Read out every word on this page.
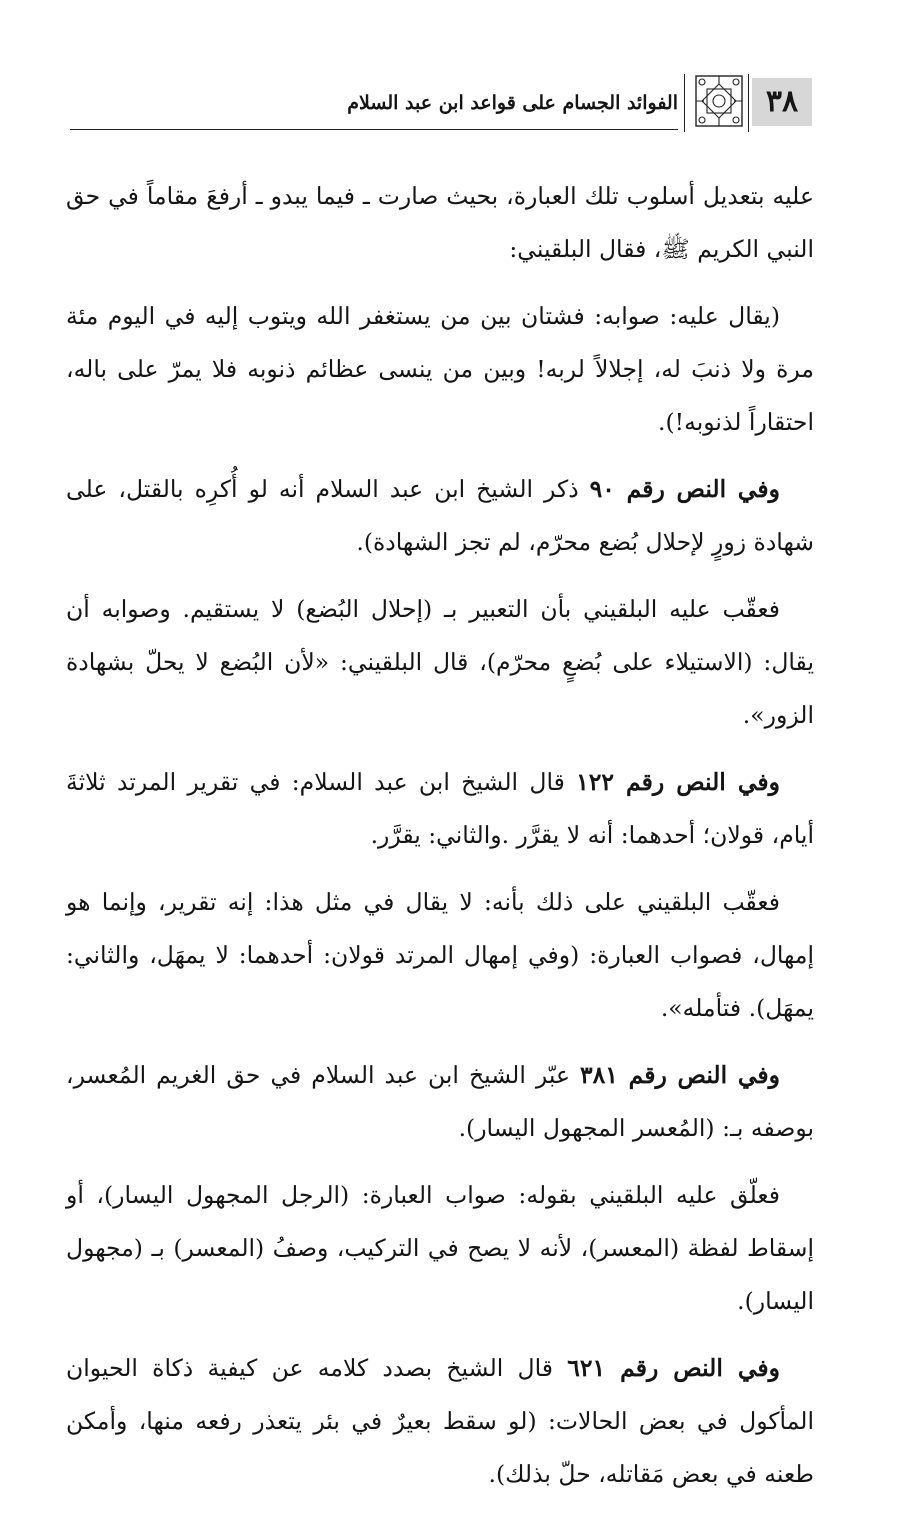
الفوائد الجسام على قواعد ابن عبد السلام	٣٨

عليه بتعديل أسلوب تلك العبارة، بحيث صارت ـ فيما يبدو ـ أرفعَ مقاماً في حق النبي الكريم ﷺ، فقال البلقيني:

(يقال عليه: صوابه: فشتان بين من يستغفر الله ويتوب إليه في اليوم مئة مرة ولا ذنبَ له، إجلالاً لربه! وبين من ينسى عظائم ذنوبه فلا يمرّ على باله، احتقاراً لذنوبه!).

وفي النص رقم ٩٠ ذكر الشيخ ابن عبد السلام أنه لو أُكرِه بالقتل، على شهادة زورٍ لإحلال بُضع محرّم، لم تجز الشهادة).

فعقّب عليه البلقيني بأن التعبير بـ (إحلال البُضع) لا يستقيم. وصوابه أن يقال: (الاستيلاء على بُضعٍ محرّم)، قال البلقيني: «لأن البُضع لا يحلّ بشهادة الزور».

وفي النص رقم ١٢٢ قال الشيخ ابن عبد السلام: في تقرير المرتد ثلاثةَ أيام، قولان؛ أحدهما: أنه لا يقرَّر .والثاني: يقرَّر.

فعقّب البلقيني على ذلك بأنه: لا يقال في مثل هذا: إنه تقرير، وإنما هو إمهال، فصواب العبارة: (وفي إمهال المرتد قولان: أحدهما: لا يمهَل، والثاني: يمهَل). فتأمله».

وفي النص رقم ٣٨١ عبّر الشيخ ابن عبد السلام في حق الغريم المُعسر، بوصفه بـ: (المُعسر المجهول اليسار).

فعلّق عليه البلقيني بقوله: صواب العبارة: (الرجل المجهول اليسار)، أو إسقاط لفظة (المعسر)، لأنه لا يصح في التركيب، وصفُ (المعسر) بـ (مجهول اليسار).

وفي النص رقم ٦٢١ قال الشيخ بصدد كلامه عن كيفية ذكاة الحيوان المأكول في بعض الحالات: (لو سقط بعيرٌ في بئر يتعذر رفعه منها، وأمكن طعنه في بعض مَقاتله، حلّ بذلك).
